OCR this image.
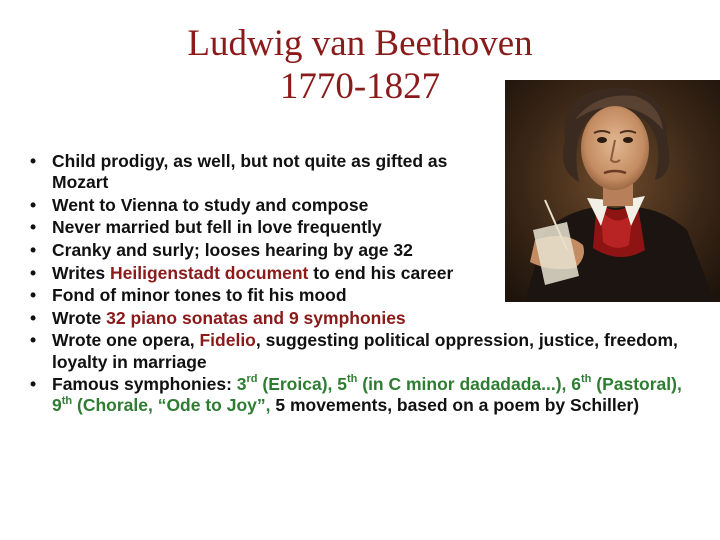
Ludwig van Beethoven
1770-1827
• Child prodigy, as well, but not quite as gifted as Mozart
• Went to Vienna to study and compose
• Never married but fell in love frequently
• Cranky and surly; looses hearing by age 32
• Writes Heiligenstadt document to end his career
• Fond of minor tones to fit his mood
• Wrote 32 piano sonatas and 9 symphonies
• Wrote one opera, Fidelio, suggesting political oppression, justice, freedom, loyalty in marriage
• Famous symphonies: 3rd (Eroica), 5th (in C minor dadadada...), 6th (Pastoral), 9th (Chorale, “Ode to Joy”, 5 movements, based on a poem by Schiller)
